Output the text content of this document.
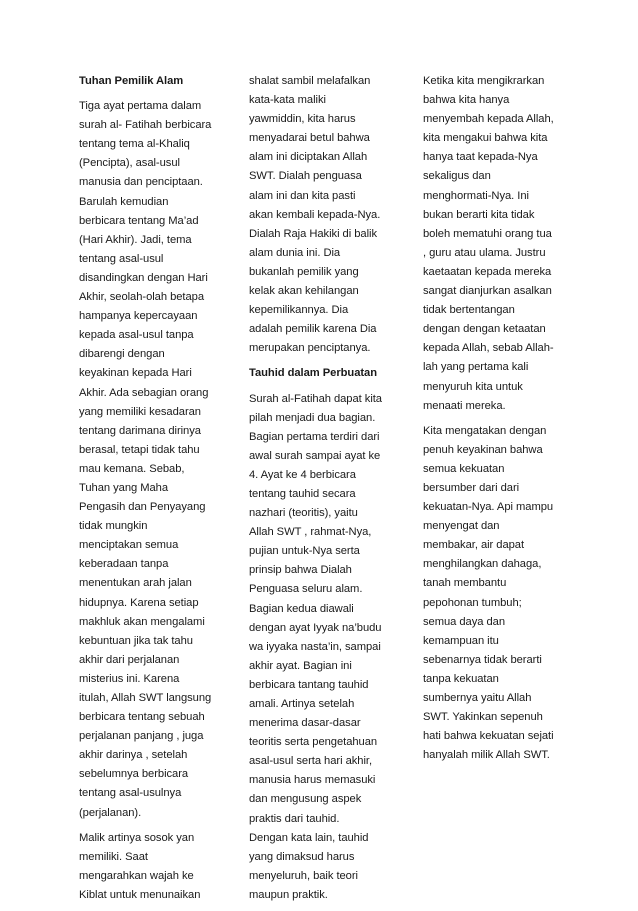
Tuhan Pemilik Alam

Tiga ayat pertama dalam
surah al- Fatihah berbicara
tentang tema al-Khaliq
(Pencipta), asal-usul
manusia dan penciptaan.
Barulah kemudian
berbicara tentang Ma’ad
(Hari Akhir). Jadi, tema
tentang asal-usul
disandingkan dengan Hari
Akhir, seolah-olah betapa
hampanya kepercayaan
kepada asal-usul tanpa
dibarengi dengan
keyakinan kepada Hari
Akhir. Ada sebagian orang
yang memiliki kesadaran
tentang darimana dirinya
berasal, tetapi tidak tahu
mau kemana. Sebab,
Tuhan yang Maha
Pengasih dan Penyayang
tidak mungkin
menciptakan semua
keberadaan tanpa
menentukan arah jalan
hidupnya. Karena setiap
makhluk akan mengalami
kebuntuan jika tak tahu
akhir dari perjalanan
misterius ini. Karena
itulah, Allah SWT langsung
berbicara tentang sebuah
perjalanan panjang , juga
akhir darinya , setelah
sebelumnya berbicara
tentang asal-usulnya
(perjalanan).

Malik artinya sosok yan
memiliki. Saat
mengarahkan wajah ke
Kiblat untuk menunaikan

shalat sambil melafalkan
kata-kata maliki
yawmiddin, kita harus
menyadarai betul bahwa
alam ini diciptakan Allah
SWT. Dialah penguasa
alam ini dan kita pasti
akan kembali kepada-Nya.
Dialah Raja Hakiki di balik
alam dunia ini. Dia
bukanlah pemilik yang
kelak akan kehilangan
kepemilikannya. Dia
adalah pemilik karena Dia
merupakan penciptanya.

Tauhid dalam Perbuatan

Surah al-Fatihah dapat kita
pilah menjadi dua bagian.
Bagian pertama terdiri dari
awal surah sampai ayat ke
4. Ayat ke 4 berbicara
tentang tauhid secara
nazhari (teoritis), yaitu
Allah SWT , rahmat-Nya,
pujian untuk-Nya serta
prinsip bahwa Dialah
Penguasa seluru alam.
Bagian kedua diawali
dengan ayat Iyyak na’budu
wa iyyaka nasta’in, sampai
akhir ayat. Bagian ini
berbicara tantang tauhid
amali. Artinya setelah
menerima dasar-dasar
teoritis serta pengetahuan
asal-usul serta hari akhir,
manusia harus memasuki
dan mengusung aspek
praktis dari tauhid.
Dengan kata lain, tauhid
yang dimaksud harus
menyeluruh, baik teori
maupun praktik.

Ketika kita mengikrarkan
bahwa kita hanya
menyembah kepada Allah,
kita mengakui bahwa kita
hanya taat kepada-Nya
sekaligus dan
menghormati-Nya. Ini
bukan berarti kita tidak
boleh mematuhi orang tua
, guru atau ulama. Justru
kaetaatan kepada mereka
sangat dianjurkan asalkan
tidak bertentangan
dengan dengan ketaatan
kepada Allah, sebab Allah-
lah yang pertama kali
menyuruh kita untuk
menaati mereka.

Kita mengatakan dengan
penuh keyakinan bahwa
semua kekuatan
bersumber dari dari
kekuatan-Nya. Api mampu
menyengat dan
membakar, air dapat
menghilangkan dahaga,
tanah membantu
pepohonan tumbuh;
semua daya dan
kemampuan itu
sebenarnya tidak berarti
tanpa kekuatan
sumbernya yaitu Allah
SWT. Yakinkan sepenuh
hati bahwa kekuatan sejati
hanyalah milik Allah SWT.
